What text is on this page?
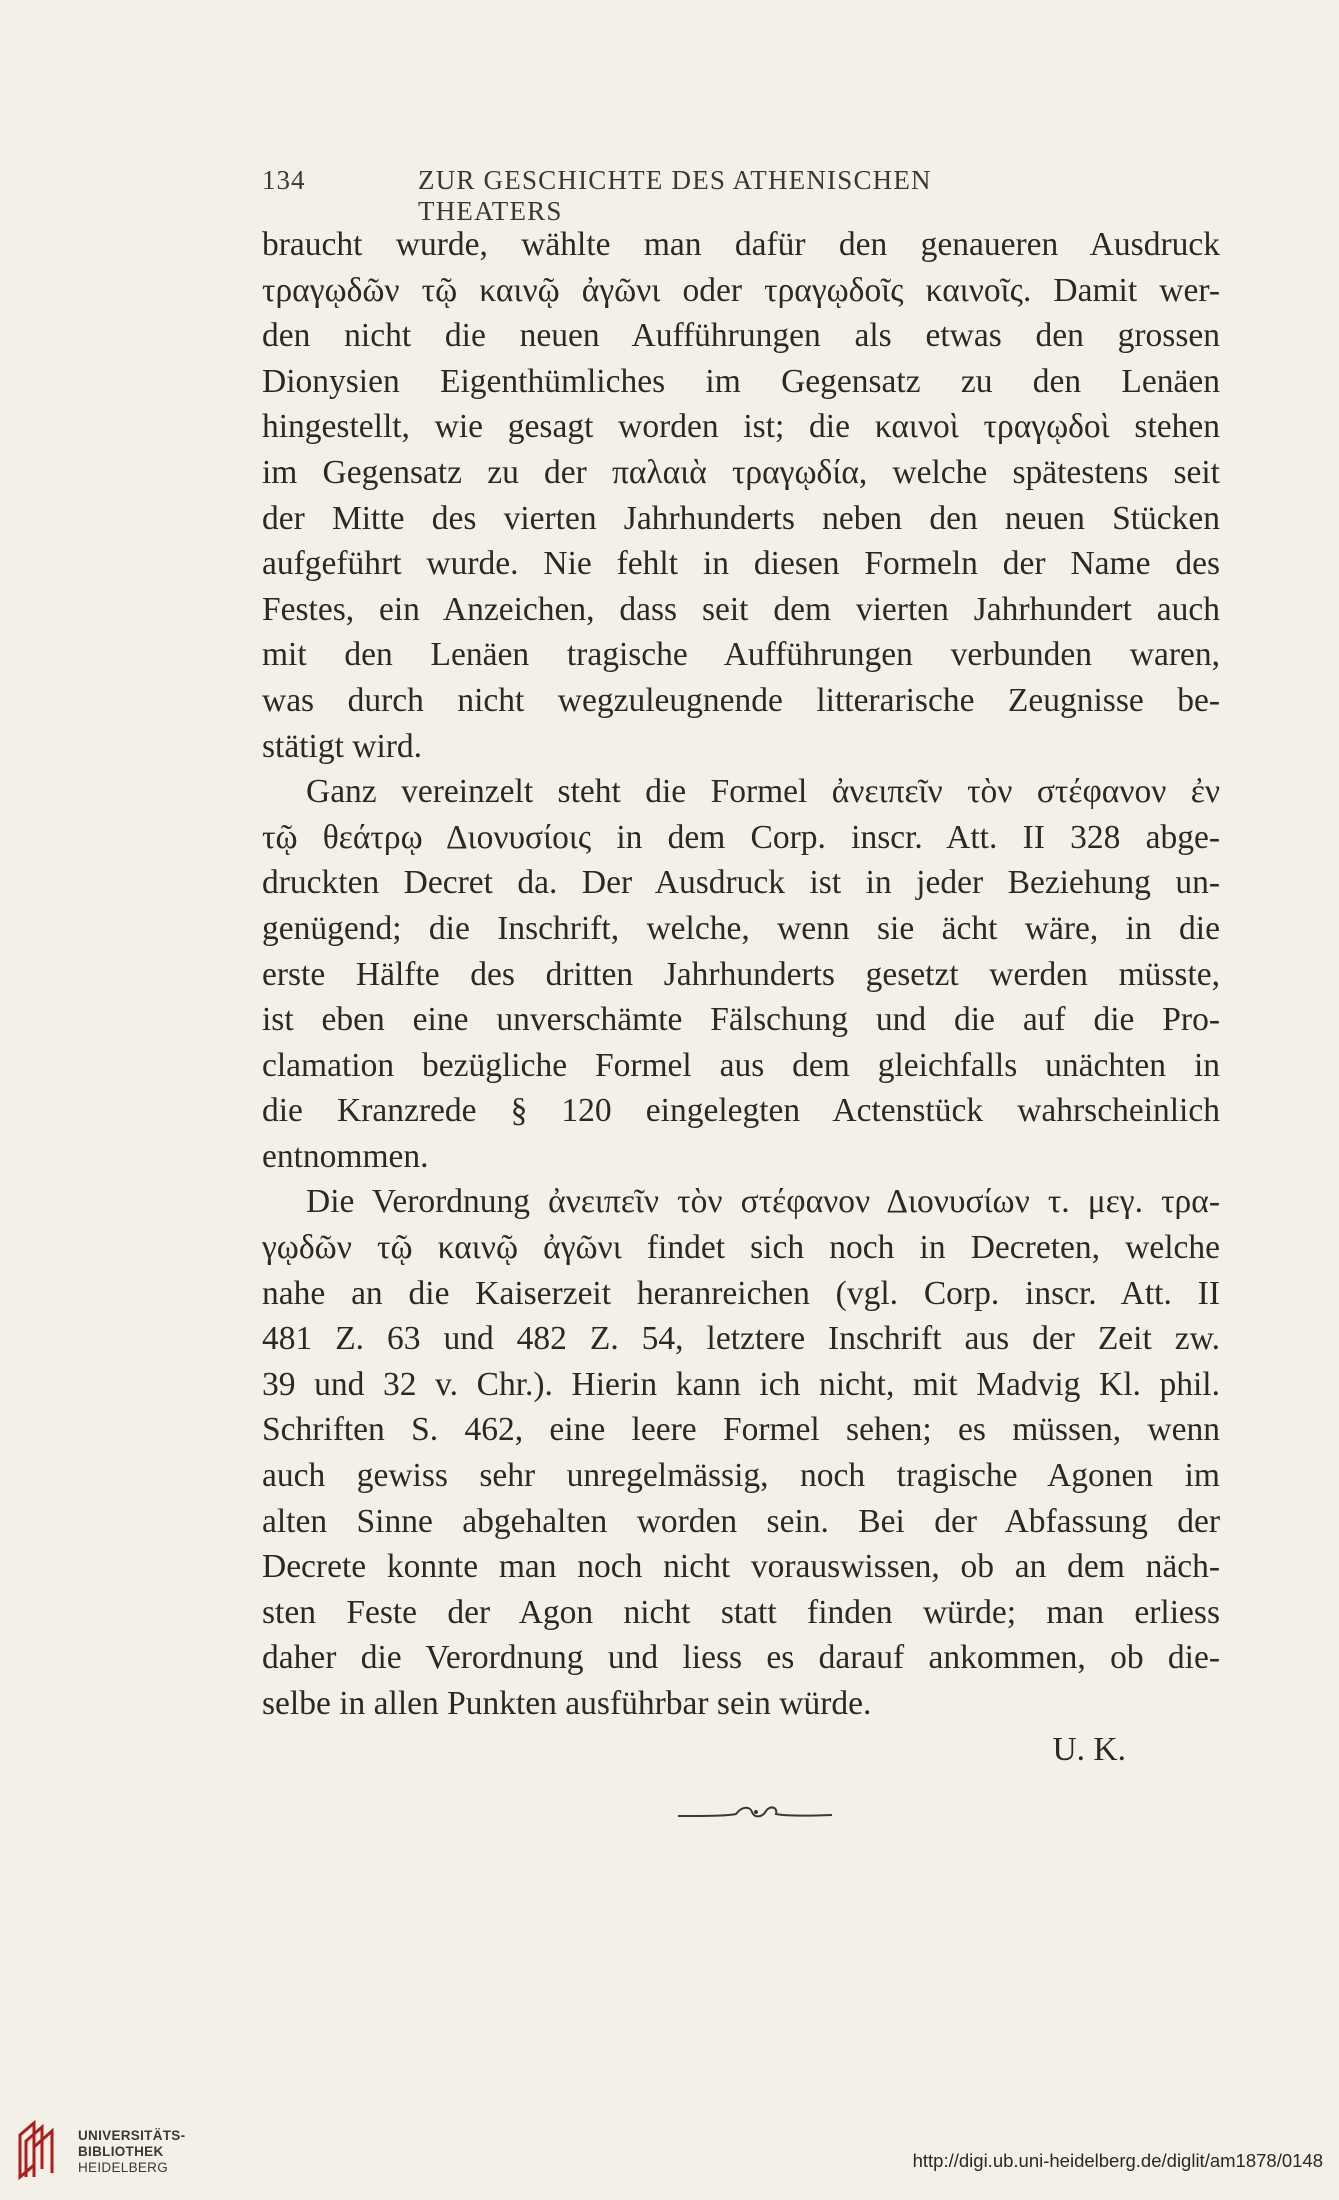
134	ZUR GESCHICHTE DES ATHENISCHEN THEATERS
braucht wurde, wählte man dafür den genaueren Ausdruck
τραγῳδῶν τῷ καινῷ ἀγῶνι oder τραγῳδοῖς καινοῖς. Damit wer-
den nicht die neuen Aufführungen als etwas den grossen
Dionysien Eigenthümliches im Gegensatz zu den Lenäen
hingestellt, wie gesagt worden ist; die καινοὶ τραγῳδοὶ stehen
im Gegensatz zu der παλαιὰ τραγῳδία, welche spätestens seit
der Mitte des vierten Jahrhunderts neben den neuen Stücken
aufgeführt wurde. Nie fehlt in diesen Formeln der Name des
Festes, ein Anzeichen, dass seit dem vierten Jahrhundert auch
mit den Lenäen tragische Aufführungen verbunden waren,
was durch nicht wegzuleugnende litterarische Zeugnisse be-
stätigt wird.
Ganz vereinzelt steht die Formel ἀνειπεῖν τὸν στέφανον ἐν
τῷ θεάτρῳ Διονυσίοις in dem Corp. inscr. Att. II 328 abge-
druckten Decret da. Der Ausdruck ist in jeder Beziehung un-
genügend; die Inschrift, welche, wenn sie ächt wäre, in die
erste Hälfte des dritten Jahrhunderts gesetzt werden müsste,
ist eben eine unverschämte Fälschung und die auf die Pro-
clamation bezügliche Formel aus dem gleichfalls unächten in
die Kranzrede § 120 eingelegten Actenstück wahrscheinlich
entnommen.
Die Verordnung ἀνειπεῖν τὸν στέφανον Διονυσίων τ. μεγ. τρα-
γῳδῶν τῷ καινῷ ἀγῶνι findet sich noch in Decreten, welche
nahe an die Kaiserzeit heranreichen (vgl. Corp. inscr. Att. II
481 Z. 63 und 482 Z. 54, letztere Inschrift aus der Zeit zw.
39 und 32 v. Chr.). Hierin kann ich nicht, mit Madvig Kl. phil.
Schriften S. 462, eine leere Formel sehen; es müssen, wenn
auch gewiss sehr unregelmässig, noch tragische Agonen im
alten Sinne abgehalten worden sein. Bei der Abfassung der
Decrete konnte man noch nicht vorauswissen, ob an dem näch-
sten Feste der Agon nicht statt finden würde; man erliess
daher die Verordnung und liess es darauf ankommen, ob die-
selbe in allen Punkten ausführbar sein würde.
U. K.
UNIVERSITÄTS-
BIBLIOTHEK
HEIDELBERG	http://digi.ub.uni-heidelberg.de/diglit/am1878/0148
